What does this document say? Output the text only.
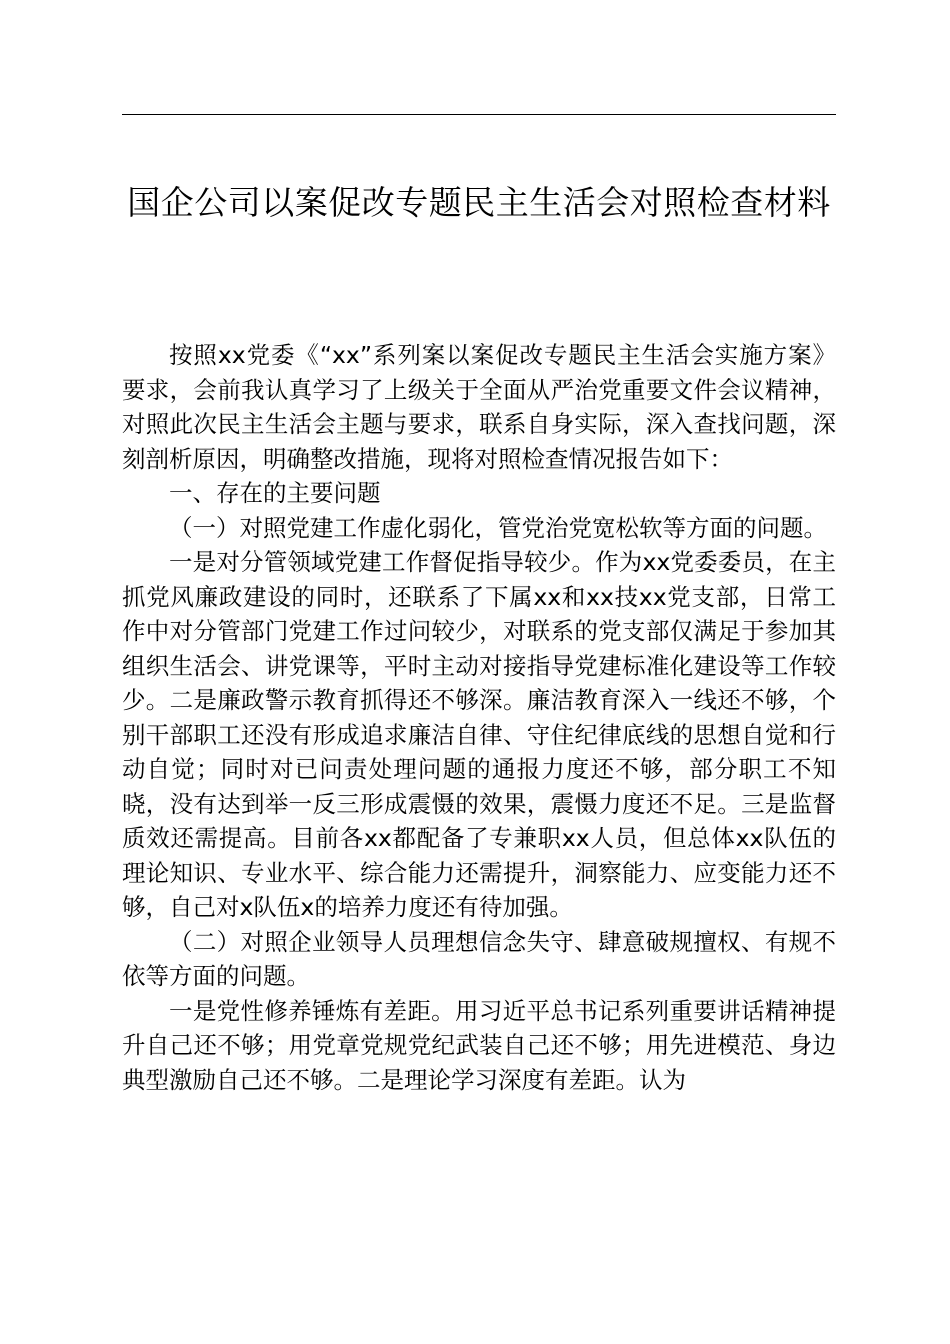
国企公司以案促改专题民主生活会对照检查材料

按照xx党委《“xx”系列案以案促改专题民主生活会实施方案》要求，会前我认真学习了上级关于全面从严治党重要文件会议精神，对照此次民主生活会主题与要求，联系自身实际，深入查找问题，深刻剖析原因，明确整改措施，现将对照检查情况报告如下：

一、存在的主要问题

（一）对照党建工作虚化弱化，管党治党宽松软等方面的问题。

一是对分管领域党建工作督促指导较少。作为xx党委委员，在主抓党风廉政建设的同时，还联系了下属xx和xx技xx党支部，日常工作中对分管部门党建工作过问较少，对联系的党支部仅满足于参加其组织生活会、讲党课等，平时主动对接指导党建标准化建设等工作较少。二是廉政警示教育抓得还不够深。廉洁教育深入一线还不够，个别干部职工还没有形成追求廉洁自律、守住纪律底线的思想自觉和行动自觉；同时对已问责处理问题的通报力度还不够，部分职工不知晓，没有达到举一反三形成震慑的效果，震慑力度还不足。三是监督质效还需提高。目前各xx都配备了专兼职xx人员，但总体xx队伍的理论知识、专业水平、综合能力还需提升，洞察能力、应变能力还不够，自己对x队伍x的培养力度还有待加强。

（二）对照企业领导人员理想信念失守、肆意破规擅权、有规不依等方面的问题。

一是党性修养锤炼有差距。用习近平总书记系列重要讲话精神提升自己还不够；用党章党规党纪武装自己还不够；用先进模范、身边典型激励自己还不够。二是理论学习深度有差距。认为
